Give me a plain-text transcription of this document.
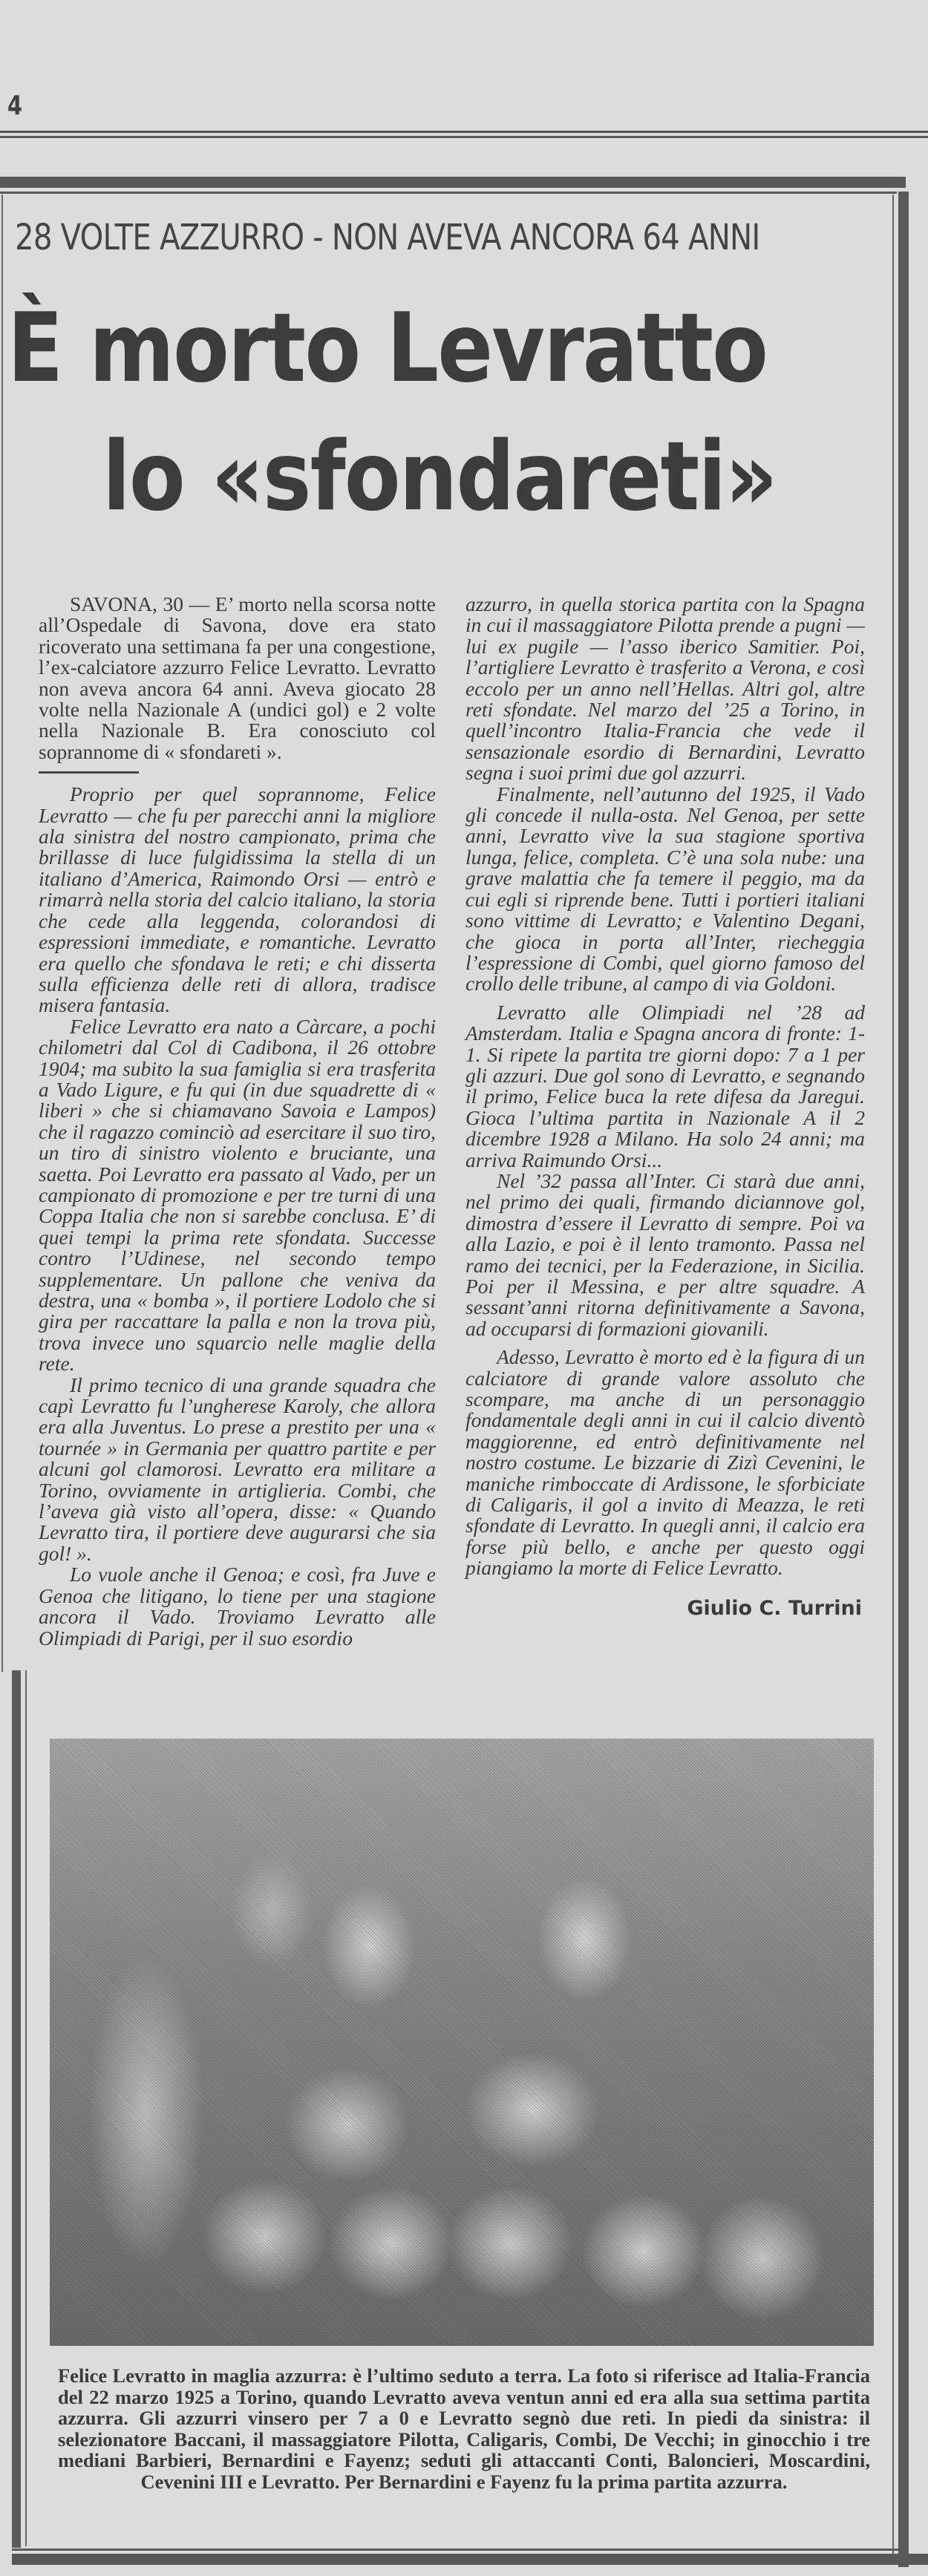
4
28 VOLTE AZZURRO - NON AVEVA ANCORA 64 ANNI
È morto Levratto
lo «sfondareti»

SAVONA, 30 — E’ morto nella scorsa notte all’Ospedale di Savona, dove era stato ricoverato una settimana fa per una congestione, l’ex-calciatore azzurro Felice Levratto. Levratto non aveva ancora 64 anni. Aveva giocato 28 volte nella Nazionale A (undici gol) e 2 volte nella Nazionale B. Era conosciuto col soprannome di « sfondareti ».

Proprio per quel soprannome, Felice Levratto — che fu per parecchi anni la migliore ala sinistra del nostro campionato, prima che brillasse di luce fulgidissima la stella di un italiano d’America, Raimondo Orsi — entrò e rimarrà nella storia del calcio italiano, la storia che cede alla leggenda, colorandosi di espressioni immediate, e romantiche. Levratto era quello che sfondava le reti; e chi disserta sulla efficienza delle reti di allora, tradisce misera fantasia.

Felice Levratto era nato a Càrcare, a pochi chilometri dal Col di Cadibona, il 26 ottobre 1904; ma subito la sua famiglia si era trasferita a Vado Ligure, e fu qui (in due squadrette di « liberi » che si chiamavano Savoia e Lampos) che il ragazzo cominciò ad esercitare il suo tiro, un tiro di sinistro violento e bruciante, una saetta. Poi Levratto era passato al Vado, per un campionato di promozione e per tre turni di una Coppa Italia che non si sarebbe conclusa. E’ di quei tempi la prima rete sfondata. Successe contro l’Udinese, nel secondo tempo supplementare. Un pallone che veniva da destra, una « bomba », il portiere Lodolo che si gira per raccattare la palla e non la trova più, trova invece uno squarcio nelle maglie della rete.

Il primo tecnico di una grande squadra che capì Levratto fu l’ungherese Karoly, che allora era alla Juventus. Lo prese a prestito per una « tournée » in Germania per quattro partite e per alcuni gol clamorosi. Levratto era militare a Torino, ovviamente in artiglieria. Combi, che l’aveva già visto all’opera, disse: « Quando Levratto tira, il portiere deve augurarsi che sia gol! ».

Lo vuole anche il Genoa; e così, fra Juve e Genoa che litigano, lo tiene per una stagione ancora il Vado. Troviamo Levratto alle Olimpiadi di Parigi, per il suo esordio

azzurro, in quella storica partita con la Spagna in cui il massaggiatore Pilotta prende a pugni — lui ex pugile — l’asso iberico Samitier. Poi, l’artigliere Levratto è trasferito a Verona, e così eccolo per un anno nell’Hellas. Altri gol, altre reti sfondate. Nel marzo del ’25 a Torino, in quell’incontro Italia-Francia che vede il sensazionale esordio di Bernardini, Levratto segna i suoi primi due gol azzurri.

Finalmente, nell’autunno del 1925, il Vado gli concede il nulla-osta. Nel Genoa, per sette anni, Levratto vive la sua stagione sportiva lunga, felice, completa. C’è una sola nube: una grave malattia che fa temere il peggio, ma da cui egli si riprende bene. Tutti i portieri italiani sono vittime di Levratto; e Valentino Degani, che gioca in porta all’Inter, riecheggia l’espressione di Combi, quel giorno famoso del crollo delle tribune, al campo di via Goldoni.

Levratto alle Olimpiadi nel ’28 ad Amsterdam. Italia e Spagna ancora di fronte: 1-1. Si ripete la partita tre giorni dopo: 7 a 1 per gli azzuri. Due gol sono di Levratto, e segnando il primo, Felice buca la rete difesa da Jaregui. Gioca l’ultima partita in Nazionale A il 2 dicembre 1928 a Milano. Ha solo 24 anni; ma arriva Raimundo Orsi...

Nel ’32 passa all’Inter. Ci starà due anni, nel primo dei quali, firmando diciannove gol, dimostra d’essere il Levratto di sempre. Poi va alla Lazio, e poi è il lento tramonto. Passa nel ramo dei tecnici, per la Federazione, in Sicilia. Poi per il Messina, e per altre squadre. A sessant’anni ritorna definitivamente a Savona, ad occuparsi di formazioni giovanili.

Adesso, Levratto è morto ed è la figura di un calciatore di grande valore assoluto che scompare, ma anche di un personaggio fondamentale degli anni in cui il calcio diventò maggiorenne, ed entrò definitivamente nel nostro costume. Le bizzarie di Zizì Cevenini, le maniche rimboccate di Ardissone, le sforbiciate di Caligaris, il gol a invito di Meazza, le reti sfondate di Levratto. In quegli anni, il calcio era forse più bello, e anche per questo oggi piangiamo la morte di Felice Levratto.

Giulio C. Turrini
Felice Levratto in maglia azzurra: è l’ultimo seduto a terra. La foto si riferisce ad Italia-Francia del 22 marzo 1925 a Torino, quando Levratto aveva ventun anni ed era alla sua settima partita azzurra. Gli azzurri vinsero per 7 a 0 e Levratto segnò due reti. In piedi da sinistra: il selezionatore Baccani, il massaggiatore Pilotta, Caligaris, Combi, De Vecchi; in ginocchio i tre mediani Barbieri, Bernardini e Fayenz; seduti gli attaccanti Conti, Baloncieri, Moscardini, Cevenini III e Levratto. Per Bernardini e Fayenz fu la prima partita azzurra.
